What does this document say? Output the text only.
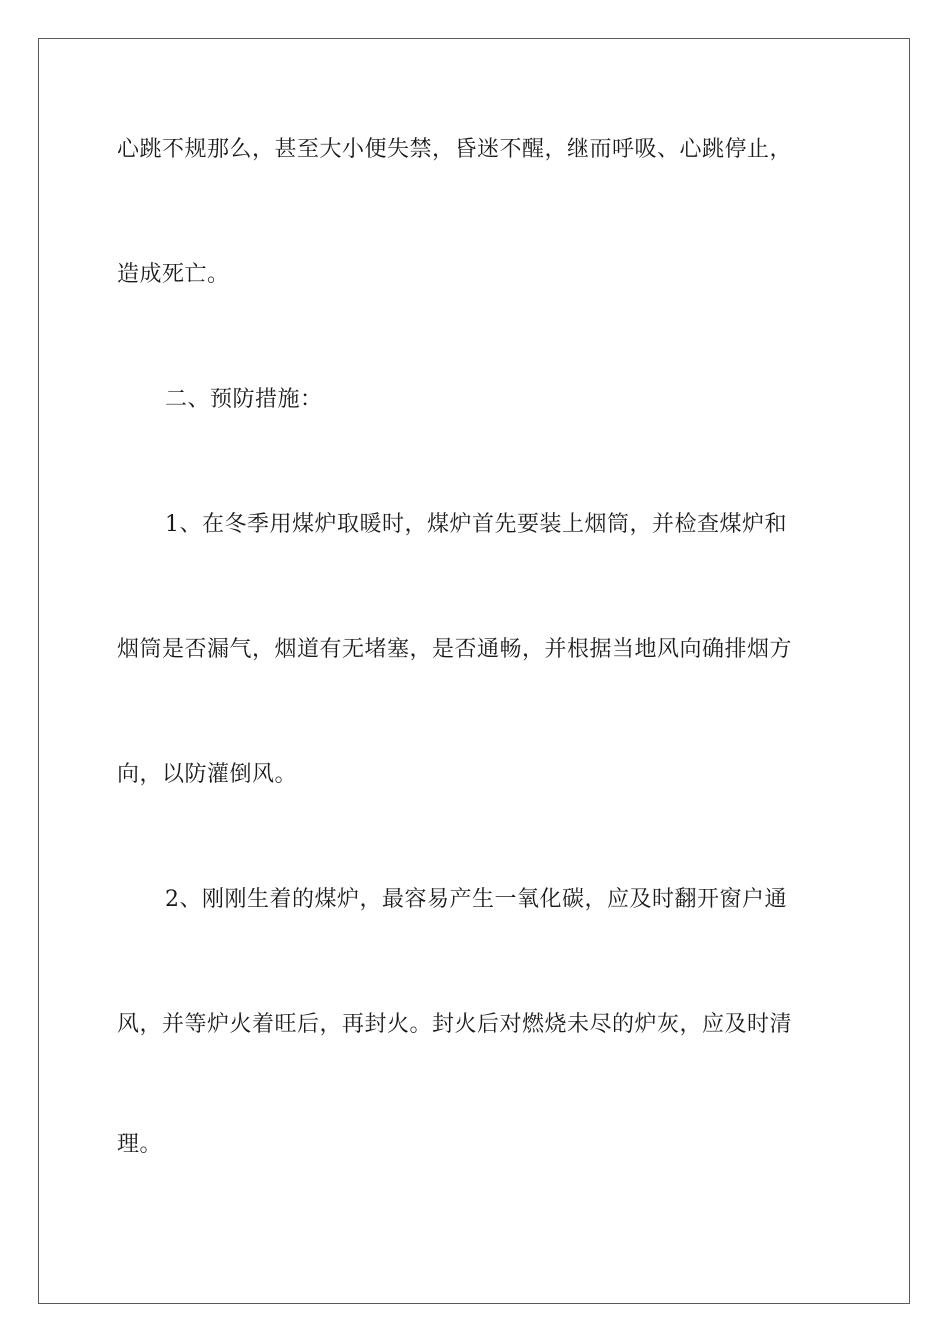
心跳不规那么，甚至大小便失禁，昏迷不醒，继而呼吸、心跳停止，
造成死亡。
二、预防措施：
1、在冬季用煤炉取暖时，煤炉首先要装上烟筒，并检查煤炉和
烟筒是否漏气，烟道有无堵塞，是否通畅，并根据当地风向确排烟方
向，以防灌倒风。
2、刚刚生着的煤炉，最容易产生一氧化碳，应及时翻开窗户通
风，并等炉火着旺后，再封火。封火后对燃烧未尽的炉灰，应及时清
理。
